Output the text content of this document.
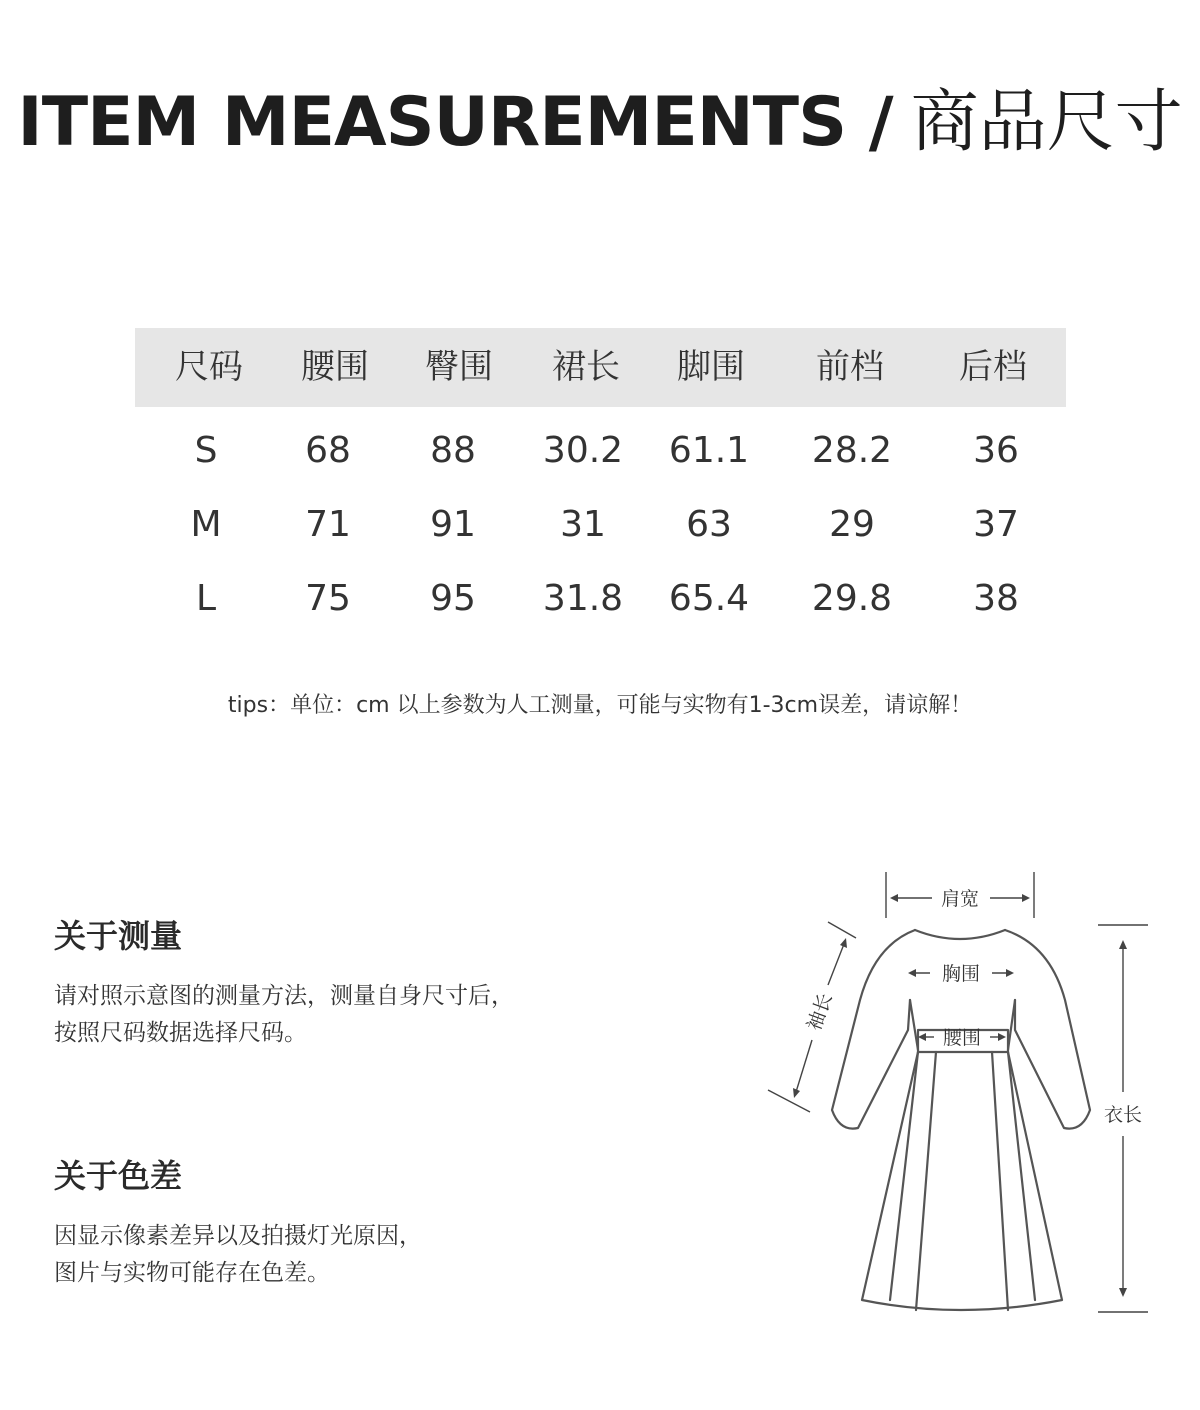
ITEM MEASUREMENTS / 商品尺寸
尺码 腰围 臀围 裙长 脚围 前档 后档
S 68 88 30.2 61.1 28.2 36
M 71 91 31 63	29	37
L 75 95 31.8 65.4 29.8 38
tips：单位：cm 以上参数为人工测量，可能与实物有1-3cm误差，请谅解！
关于测量
请对照示意图的测量方法，测量自身尺寸后，
按照尺码数据选择尺码。
关于色差
因显示像素差异以及拍摄灯光原因，
图片与实物可能存在色差。
肩宽
胸围
腰围
袖长
衣长
